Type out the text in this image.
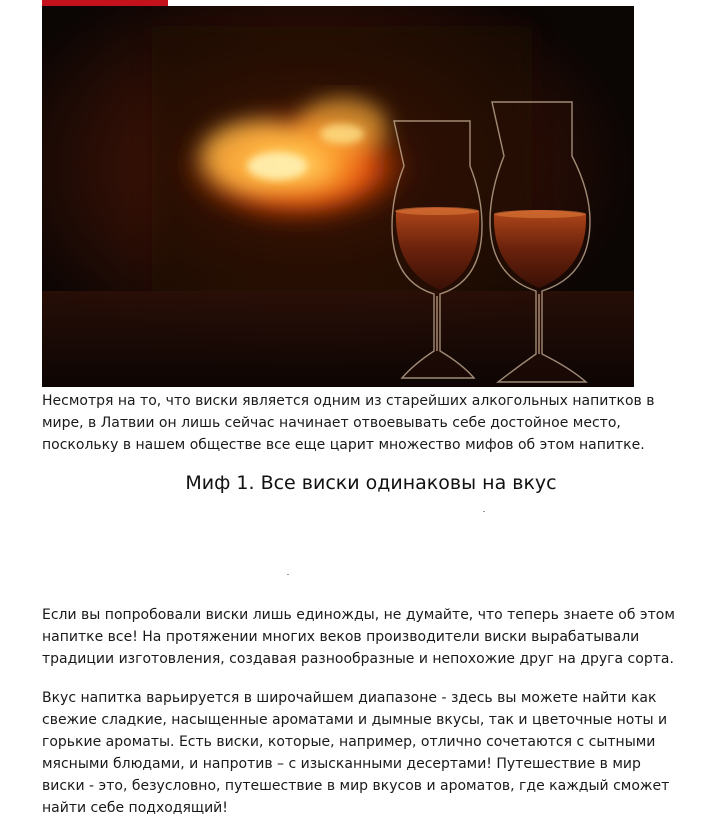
Несмотря на то, что виски является одним из старейших алкогольных напитков в мире, в Латвии он лишь сейчас начинает отвоевывать себе достойное место, поскольку в нашем обществе все еще царит множество мифов об этом напитке.

Миф 1. Все виски одинаковы на вкус

Если вы попробовали виски лишь единожды, не думайте, что теперь знаете об этом напитке все! На протяжении многих веков производители виски вырабатывали традиции изготовления, создавая разнообразные и непохожие друг на друга сорта.

Вкус напитка варьируется в широчайшем диапазоне - здесь вы можете найти как свежие сладкие, насыщенные ароматами и дымные вкусы, так и цветочные ноты и горькие ароматы. Есть виски, которые, например, отлично сочетаются с сытными мясными блюдами, и напротив – с изысканными десертами! Путешествие в мир виски - это, безусловно, путешествие в мир вкусов и ароматов, где каждый сможет найти себе подходящий!
